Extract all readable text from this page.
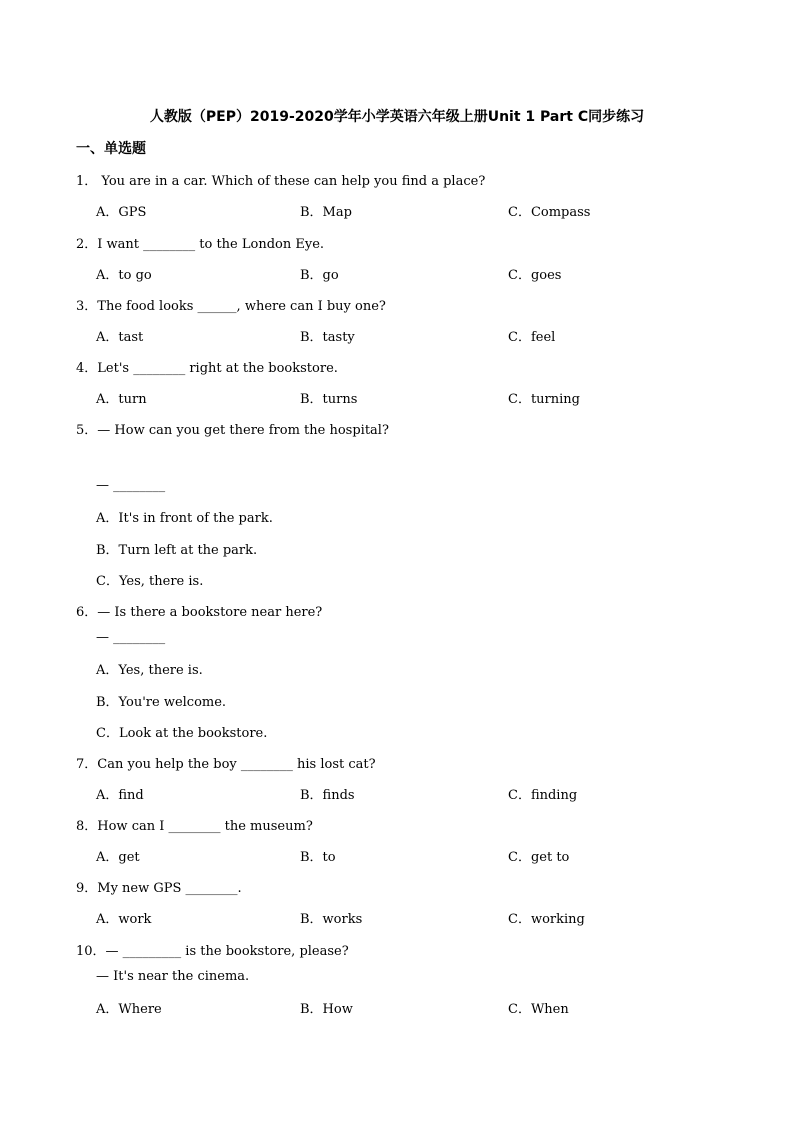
人教版（PEP）2019-2020学年小学英语六年级上册Unit 1 Part C同步练习
一、单选题
1． You are in a car. Which of these can help you find a place?
A．GPS	B．Map	C．Compass
2．I want ________ to the London Eye.
A．to go	B．go	C．goes
3．The food looks ______, where can I buy one?
A．tast	B．tasty	C．feel
4．Let's ________ right at the bookstore.
A．turn	B．turns	C．turning
5．— How can you get there from the hospital?
— ________
A．It's in front of the park.
B．Turn left at the park.
C．Yes, there is.
6．— Is there a bookstore near here?
— ________
A．Yes, there is.
B．You're welcome.
C．Look at the bookstore.
7．Can you help the boy ________ his lost cat?
A．find	B．finds	C．finding
8．How can I ________ the museum?
A．get	B．to	C．get to
9．My new GPS ________.
A．work	B．works	C．working
10．— _________ is the bookstore, please?
— It's near the cinema.
A．Where	B．How	C．When
